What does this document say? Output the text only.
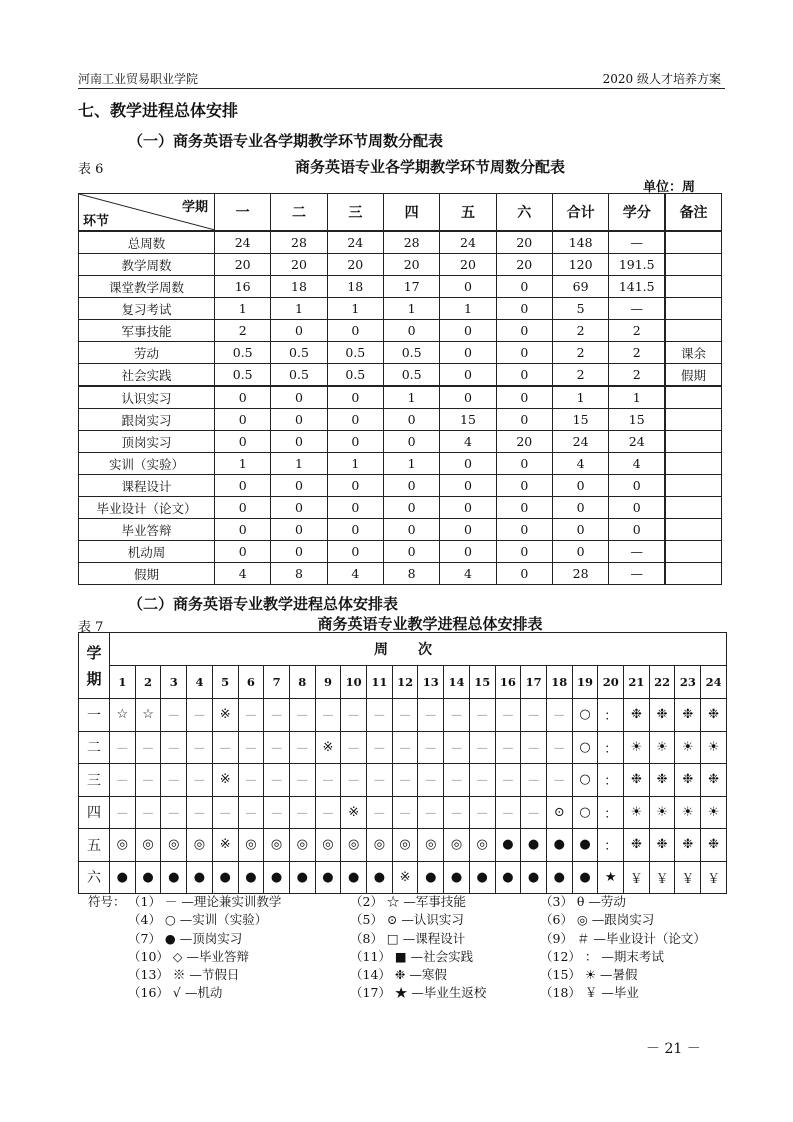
河南工业贸易职业学院	2020 级人才培养方案
七、教学进程总体安排
（一）商务英语专业各学期教学环节周数分配表
表 6	商务英语专业各学期教学环节周数分配表
单位：周
学期
环节	一	二	三	四	五	六	合计	学分	备注
总周数	24	28	24	28	24	20	148	—	
教学周数	20	20	20	20	20	20	120	191.5	
课堂教学周数	16	18	18	17	0	0	69	141.5	
复习考试	1	1	1	1	1	0	5	—	
军事技能	2	0	0	0	0	0	2	2	
劳动	0.5	0.5	0.5	0.5	0	0	2	2	课余
社会实践	0.5	0.5	0.5	0.5	0	0	2	2	假期
认识实习	0	0	0	1	0	0	1	1	
跟岗实习	0	0	0	0	15	0	15	15	
顶岗实习	0	0	0	0	4	20	24	24	
实训（实验）	1	1	1	1	0	0	4	4	
课程设计	0	0	0	0	0	0	0	0	
毕业设计（论文）	0	0	0	0	0	0	0	0	
毕业答辩	0	0	0	0	0	0	0	0	
机动周	0	0	0	0	0	0	0	—	
假期	4	8	4	8	4	0	28	—	
（二）商务英语专业教学进程总体安排表
表 7	商务英语专业教学进程总体安排表
学期	周次																							
	1	2	3	4	5	6	7	8	9	10	11	12	13	14	15	16	17	18	19	20	21	22	23	24
一	☆	☆	－	－	※	－	－	－	－	－	－	－	－	－	－	－	－	－	○	：	❉	❉	❉	❉
二	－	－	－	－	－	－	－	－	※	－	－	－	－	－	－	－	－	－	○	：	☀	☀	☀	☀
三	－	－	－	－	※	－	－	－	－	－	－	－	－	－	－	－	－	－	○	：	❉	❉	❉	❉
四	－	－	－	－	－	－	－	－	－	※	－	－	－	－	－	－	－	⊙	○	：	☀	☀	☀	☀
五	◎	◎	◎	◎	※	◎	◎	◎	◎	◎	◎	◎	◎	◎	◎	●	●	●	●	：	❉	❉	❉	❉
六	●	●	●	●	●	●	●	●	●	●	●	※	●	●	●	●	●	●	●	★	￥	￥	￥	￥
符号： （1） － —理论兼实训教学	（2） ☆ —军事技能	（3） θ —劳动
（4） ○ —实训（实验）	（5） ⊙ —认识实习	（6） ◎ —跟岗实习
（7） ● —顶岗实习	（8） □ —课程设计	（9） ＃ —毕业设计（论文）
（10） ◇ —毕业答辩	（11） ■ —社会实践	（12） ： —期末考试
（13） ※ —节假日	（14） ❉ —寒假	（15） ☀ —暑假
（16） √ —机动	（17） ★ —毕业生返校	（18） ￥ —毕业
－ 21 －
